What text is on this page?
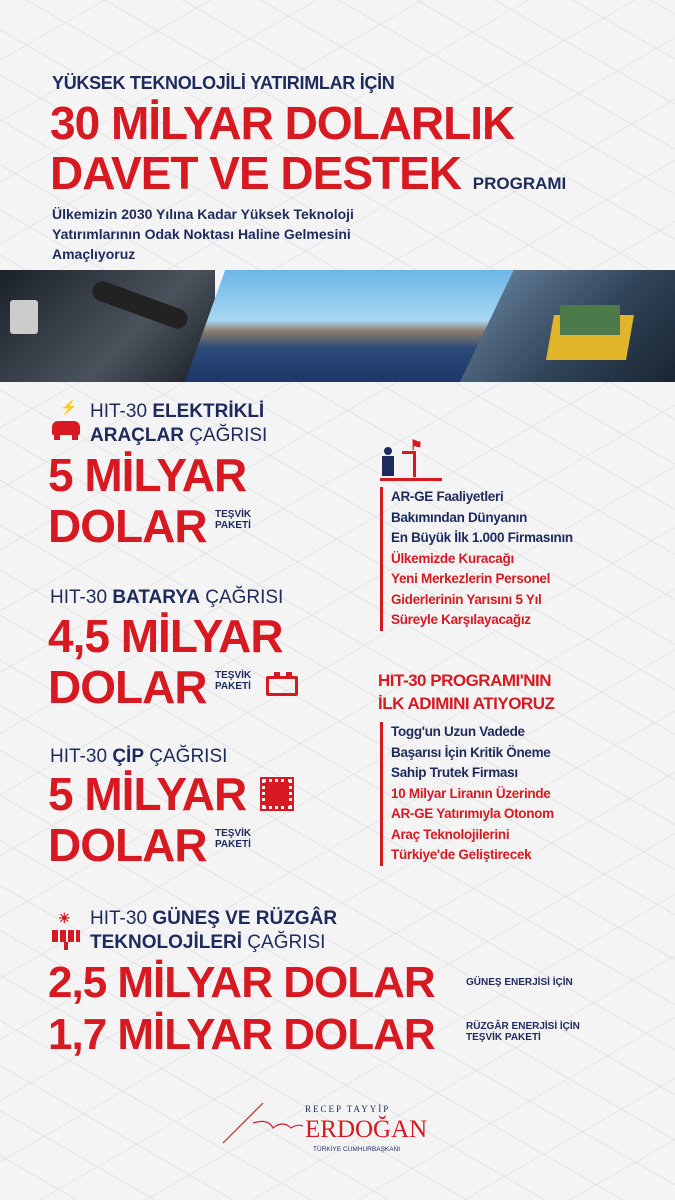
YÜKSEK TEKNOLOJİLİ YATIRIMLAR İÇİN
30 MİLYAR DOLARLIK
DAVET VE DESTEK PROGRAMI
Ülkemizin 2030 Yılına Kadar Yüksek Teknoloji
Yatırımlarının Odak Noktası Haline Gelmesini
Amaçlıyoruz
⚡ HIT-30 ELEKTRİKLİ
ARAÇLAR ÇAĞRISI
5 MİLYAR
DOLAR TEŞVİK
PAKETİ
HIT-30 BATARYA ÇAĞRISI
4,5 MİLYAR
DOLAR TEŞVİK
PAKETİ
HIT-30 ÇİP ÇAĞRISI
5 MİLYAR
DOLAR TEŞVİK
PAKETİ
☀ HIT-30 GÜNEŞ VE RÜZGÂR
TEKNOLOJİLERİ ÇAĞRISI
2,5 MİLYAR DOLAR	GÜNEŞ ENERJİSİ İÇİN
1,7 MİLYAR DOLAR	RÜZGÂR ENERJİSİ İÇİN
TEŞVİK PAKETİ
⚑
AR-GE Faaliyetleri
Bakımından Dünyanın
En Büyük İlk 1.000 Firmasının
Ülkemizde Kuracağı
Yeni Merkezlerin Personel
Giderlerinin Yarısını 5 Yıl
Süreyle Karşılayacağız
HIT-30 PROGRAMI'NIN
İLK ADIMINI ATIYORUZ
Togg'un Uzun Vadede
Başarısı İçin Kritik Öneme
Sahip Trutek Firması
10 Milyar Liranın Üzerinde
AR-GE Yatırımıyla Otonom
Araç Teknolojilerini
Türkiye'de Geliştirecek
RECEP TAYYİP
ERDOĞAN
TÜRKİYE CUMHURBAŞKANI
